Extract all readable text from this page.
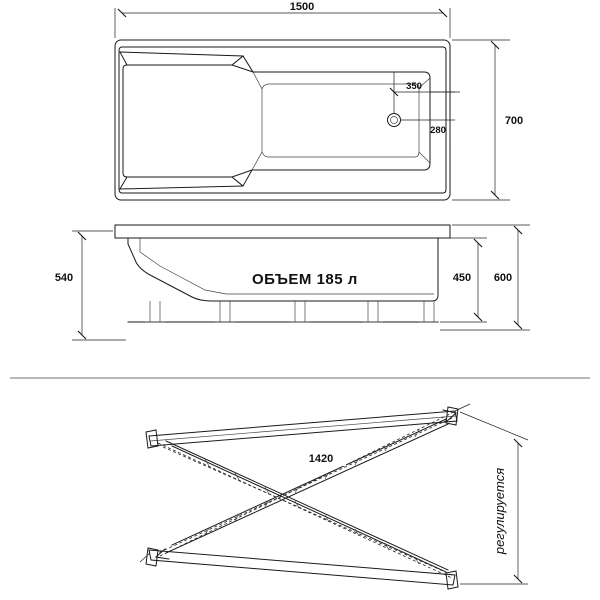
1500
700
350
280
ОБЪЕМ 185 л
540	450 600
1420
регулируется
